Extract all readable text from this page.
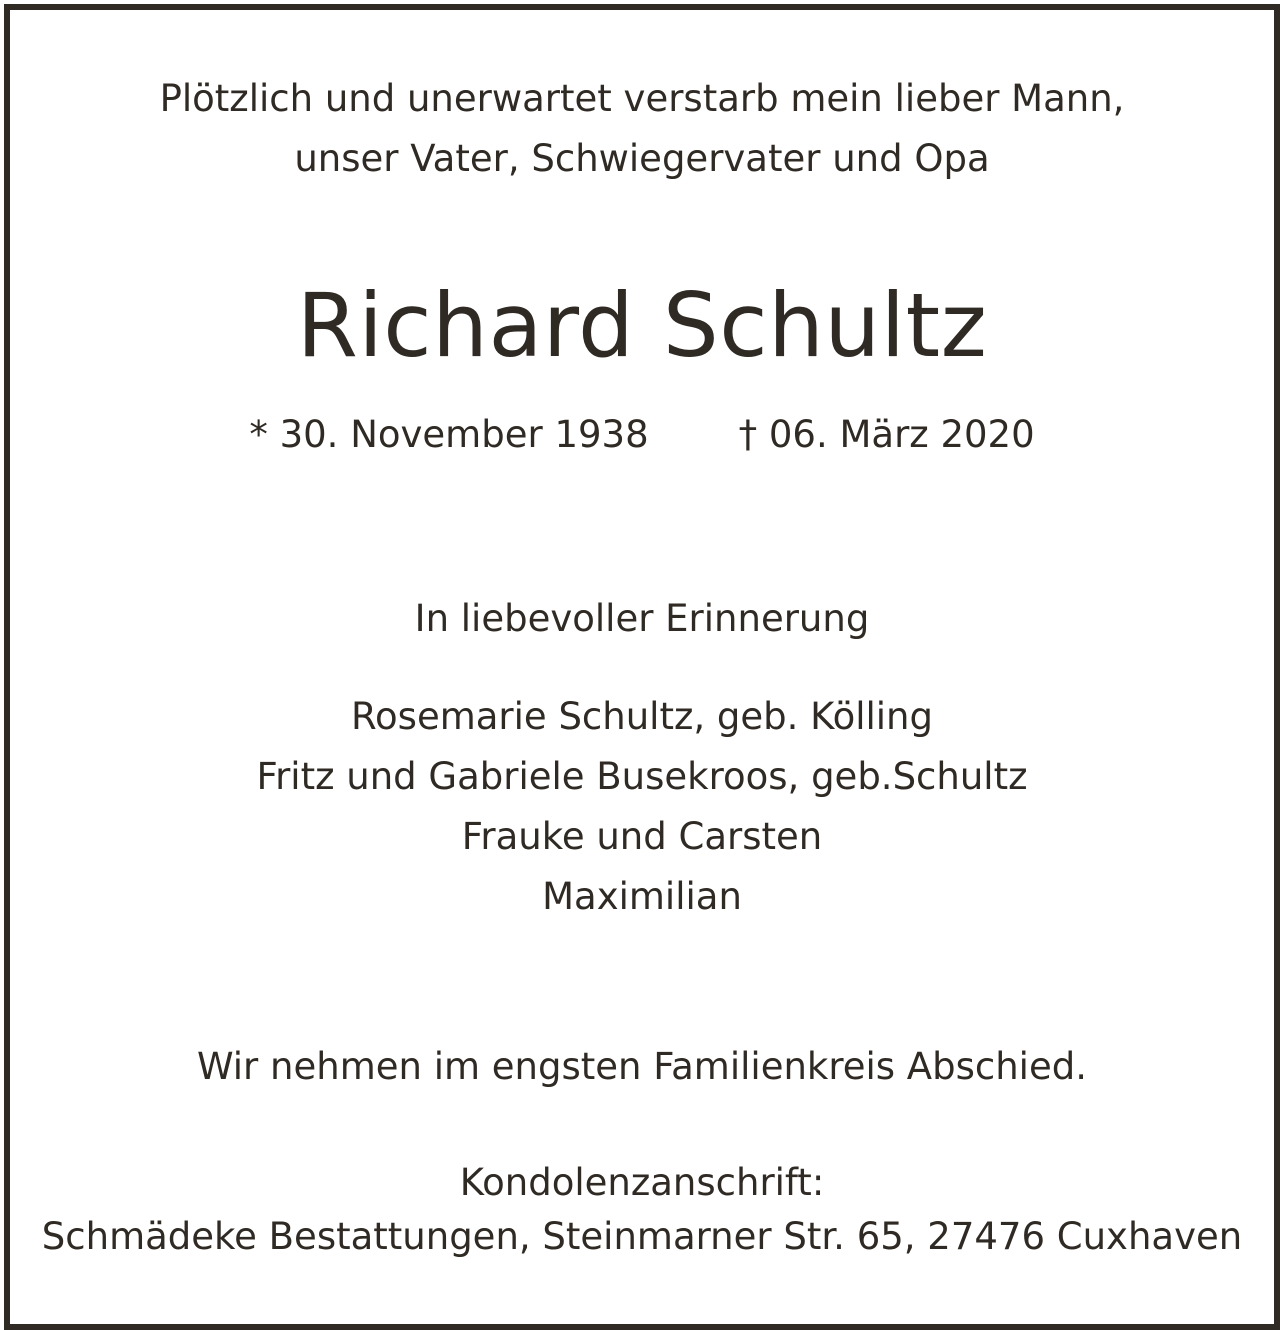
Plötzlich und unerwartet verstarb mein lieber Mann,
unser Vater, Schwiegervater und Opa
Richard Schultz
* 30. November 1938 † 06. März 2020
In liebevoller Erinnerung
Rosemarie Schultz, geb. Kölling
Fritz und Gabriele Busekroos, geb.Schultz
Frauke und Carsten
Maximilian
Wir nehmen im engsten Familienkreis Abschied.
Kondolenzanschrift:
Schmädeke Bestattungen, Steinmarner Str. 65, 27476 Cuxhaven
